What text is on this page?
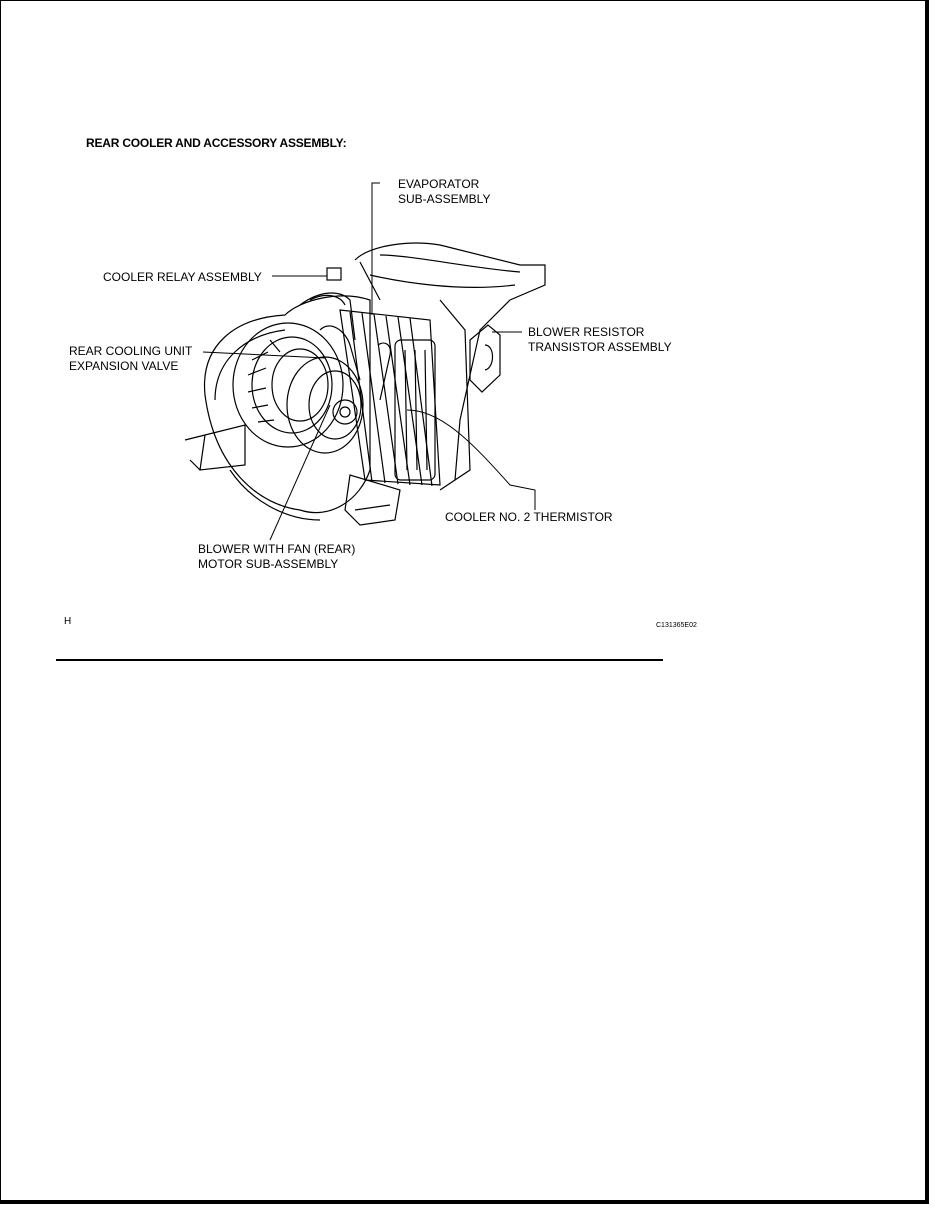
REAR COOLER AND ACCESSORY ASSEMBLY:
EVAPORATOR
SUB-ASSEMBLY
COOLER RELAY ASSEMBLY
REAR COOLING UNIT
EXPANSION VALVE
BLOWER RESISTOR
TRANSISTOR ASSEMBLY
COOLER NO. 2 THERMISTOR
BLOWER WITH FAN (REAR)
MOTOR SUB-ASSEMBLY
H	C131365E02
